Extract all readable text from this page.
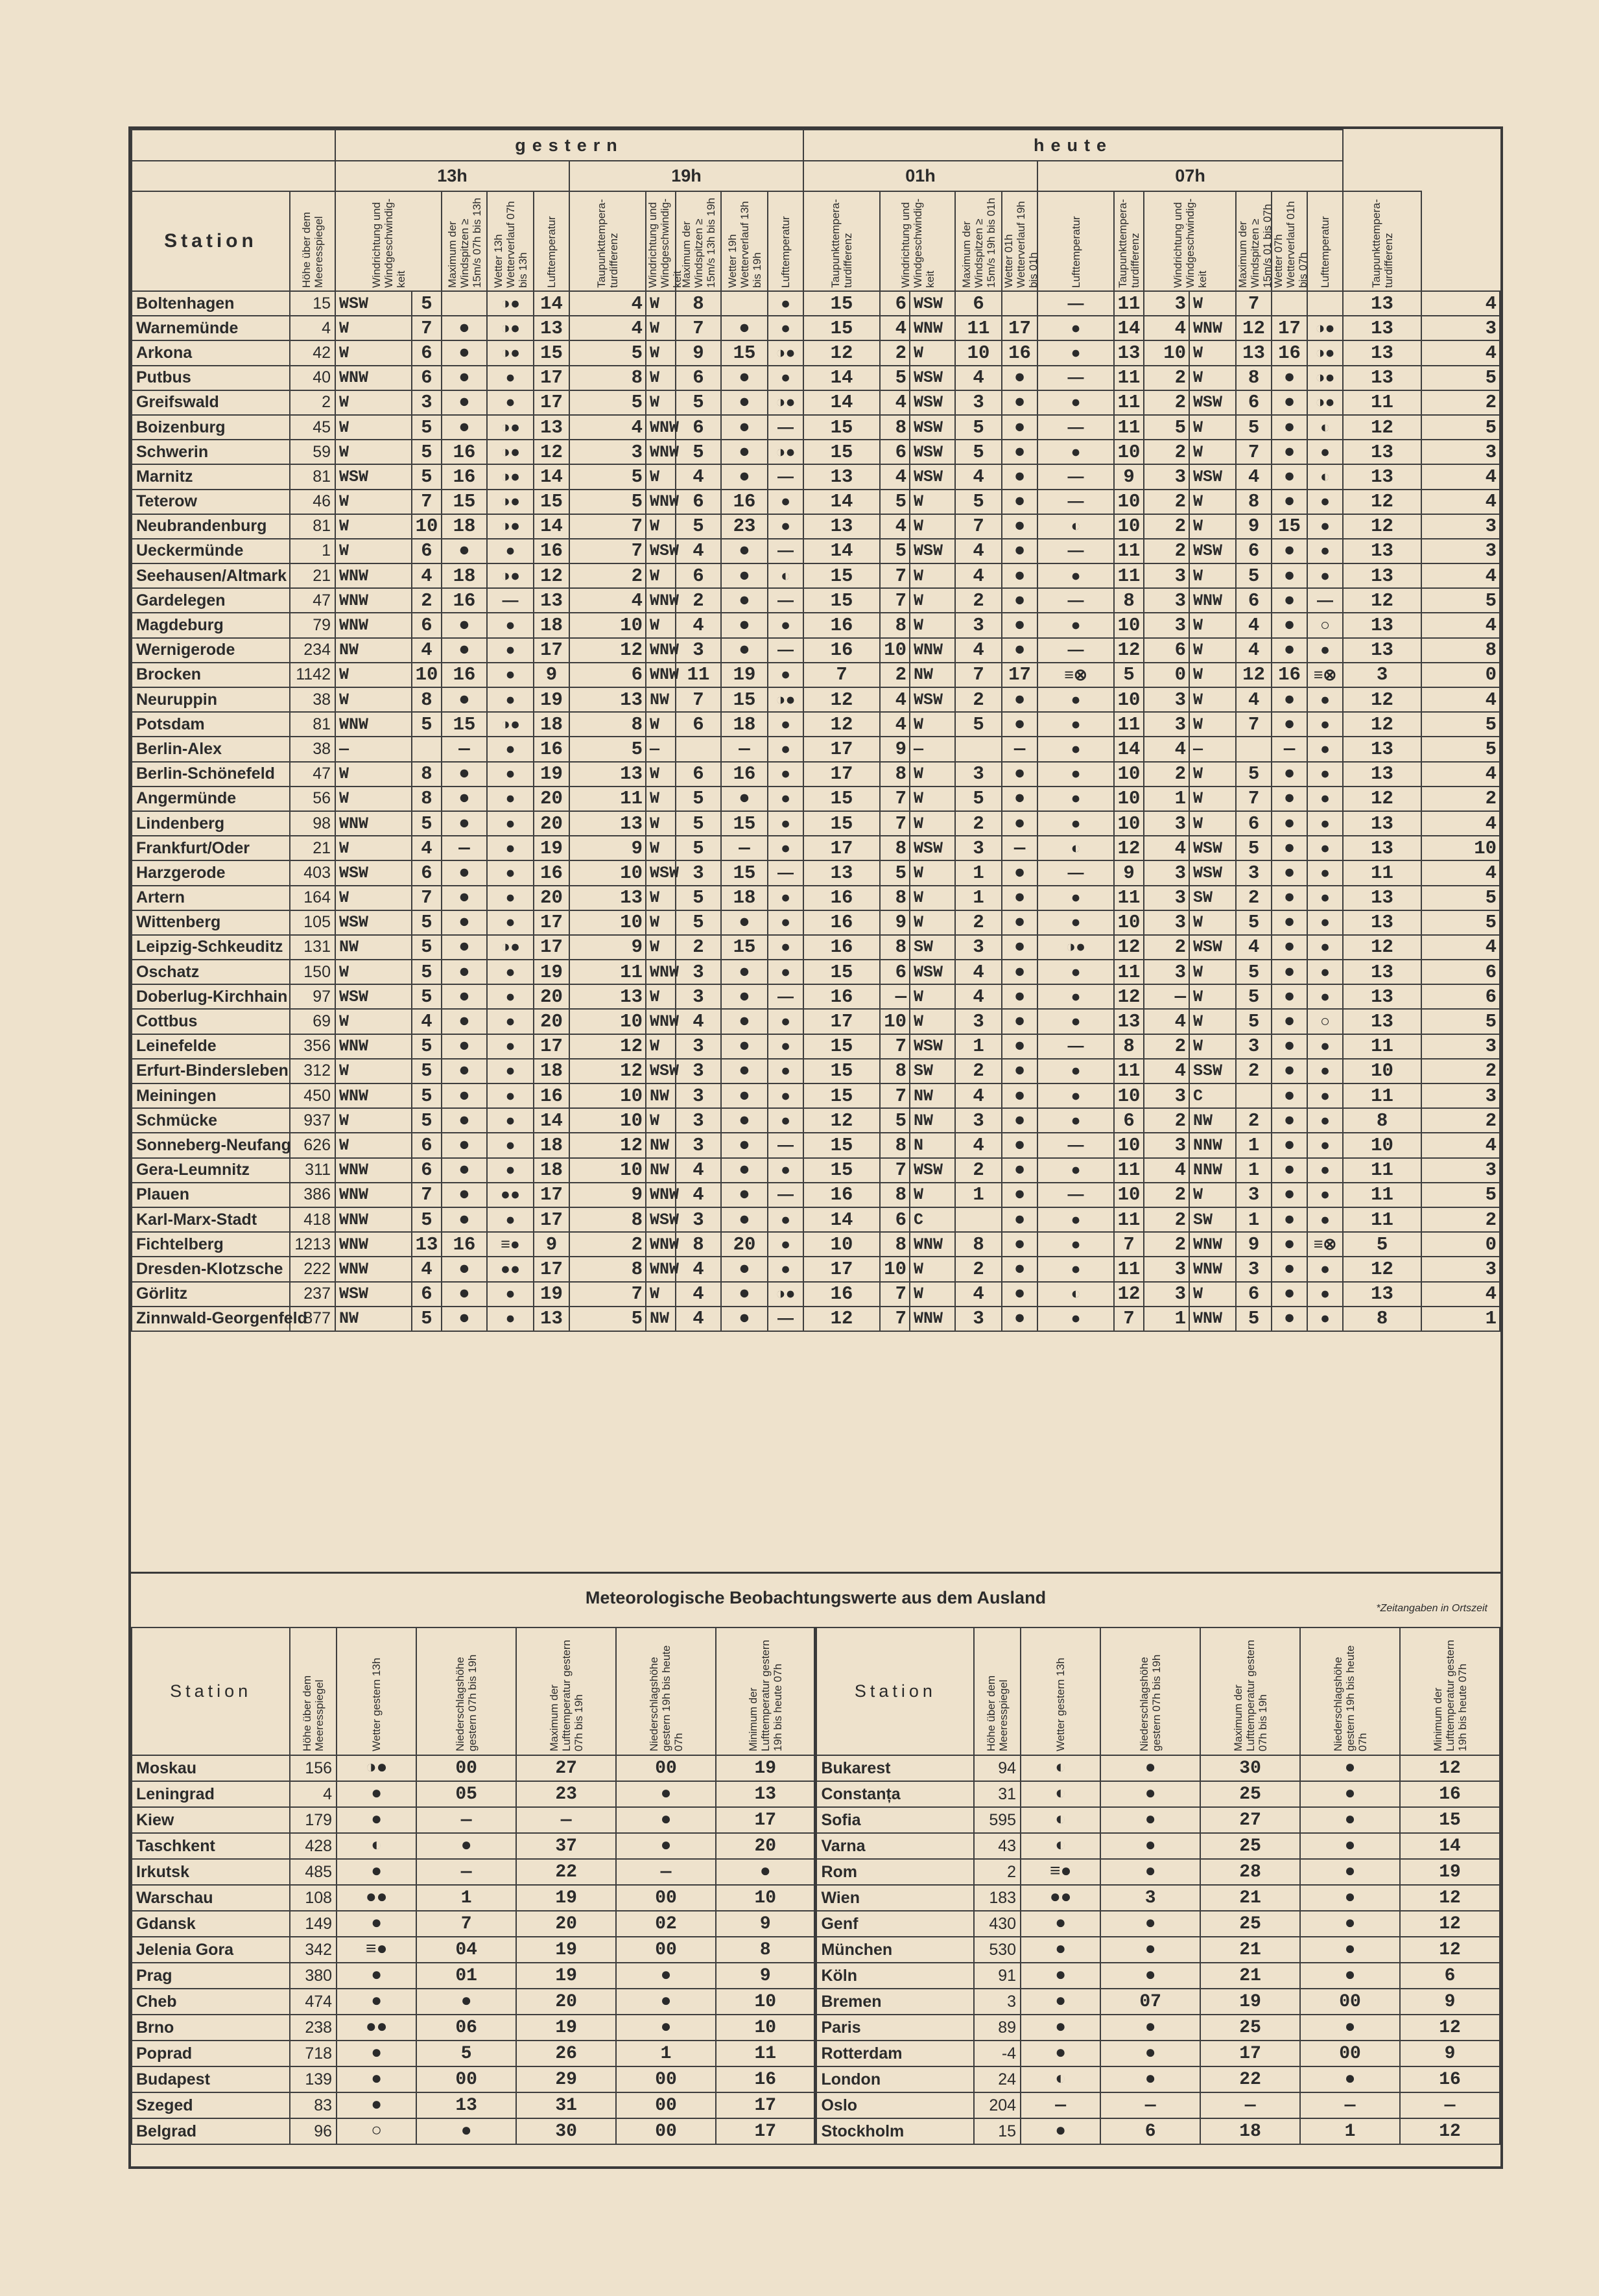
		gestern										heute													
		13h					19h					01h					07h								
Station	Höhe über dem Meeresspiegel	Windrichtung und Windgeschwindig-keit		Maximum der Windspitzen ≥ 15m/s 07h bis 13h	Wetter 13h Wetterverlauf 07h bis 13h	Lufttemperatur	Taupunkttempera-turdifferenz	Windrichtung und Windgeschwindig-keit	Maximum der Windspitzen ≥ 15m/s 13h bis 19h	Wetter 19h Wetterverlauf 13h bis 19h	Lufttemperatur	Taupunkttempera-turdifferenz	Windrichtung und Windgeschwindig-keit		Maximum der Windspitzen ≥ 15m/s 19h bis 01h	Wetter 01h Wetterverlauf 19h bis 01h	Lufttemperatur	Taupunkttempera-turdifferenz	Windrichtung und Windgeschwindig-keit		Maximum der Windspitzen ≥ 15m/s 01 bis 07h	Wetter 07h Wetterverlauf 01h bis 07h	Lufttemperatur	Taupunkttempera-turdifferenz	

Boltenhagen	15	WSW	5		◑●	14	4	W	8		●	15	6	WSW	6		—	11	3	W	7			13	4
Warnemünde	4	W	7	●	◑●	13	4	W	7	●	●	15	4	WNW	11	17	●	14	4	WNW	12	17	◑●	13	3
Arkona	42	W	6	●	◑●	15	5	W	9	15	◑●	12	2	W	10	16	●	13	10	W	13	16	◑●	13	4
Putbus	40	WNW	6	●	●	17	8	W	6	●	●	14	5	WSW	4	●	—	11	2	W	8	●	◑●	13	5
Greifswald	2	W	3	●	●	17	5	W	5	●	◑●	14	4	WSW	3	●	●	11	2	WSW	6	●	◑●	11	2
Boizenburg	45	W	5	●	◑●	13	4	WNW	6	●	—	15	8	WSW	5	●	—	11	5	W	5	●	◐	12	5
Schwerin	59	W	5	16	◑●	12	3	WNW	5	●	◑●	15	6	WSW	5	●	●	10	2	W	7	●	●	13	3
Marnitz	81	WSW	5	16	◑●	14	5	W	4	●	—	13	4	WSW	4	●	—	9	3	WSW	4	●	◐	13	4
Teterow	46	W	7	15	◑●	15	5	WNW	6	16	●	14	5	W	5	●	—	10	2	W	8	●	●	12	4
Neubrandenburg	81	W	10	18	◑●	14	7	W	5	23	●	13	4	W	7	●	◐	10	2	W	9	15	●	12	3
Ueckermünde	1	W	6	●	●	16	7	WSW	4	●	—	14	5	WSW	4	●	—	11	2	WSW	6	●	●	13	3
Seehausen/Altmark	21	WNW	4	18	◑●	12	2	W	6	●	◐	15	7	W	4	●	●	11	3	W	5	●	●	13	4
Gardelegen	47	WNW	2	16	—	13	4	WNW	2	●	—	15	7	W	2	●	—	8	3	WNW	6	●	—	12	5
Magdeburg	79	WNW	6	●	●	18	10	W	4	●	●	16	8	W	3	●	●	10	3	W	4	●	○	13	4
Wernigerode	234	NW	4	●	●	17	12	WNW	3	●	—	16	10	WNW	4	●	—	12	6	W	4	●	●	13	8
Brocken	1142	W	10	16	●	9	6	WNW	11	19	●	7	2	NW	7	17	≡⊗	5	0	W	12	16	≡⊗	3	0
Neuruppin	38	W	8	●	●	19	13	NW	7	15	◑●	12	4	WSW	2	●	●	10	3	W	4	●	●	12	4
Potsdam	81	WNW	5	15	◑●	18	8	W	6	18	●	12	4	W	5	●	●	11	3	W	7	●	●	12	5
Berlin-Alex	38	—		—	●	16	5	—		—	●	17	9	—		—	●	14	4	—		—	●	13	5
Berlin-Schönefeld	47	W	8	●	●	19	13	W	6	16	●	17	8	W	3	●	●	10	2	W	5	●	●	13	4
Angermünde	56	W	8	●	●	20	11	W	5	●	●	15	7	W	5	●	●	10	1	W	7	●	●	12	2
Lindenberg	98	WNW	5	●	●	20	13	W	5	15	●	15	7	W	2	●	●	10	3	W	6	●	●	13	4
Frankfurt/Oder	21	W	4	—	●	19	9	W	5	—	●	17	8	WSW	3	—	◐	12	4	WSW	5	●	●	13	10
Harzgerode	403	WSW	6	●	●	16	10	WSW	3	15	—	13	5	W	1	●	—	9	3	WSW	3	●	●	11	4
Artern	164	W	7	●	●	20	13	W	5	18	●	16	8	W	1	●	●	11	3	SW	2	●	●	13	5
Wittenberg	105	WSW	5	●	●	17	10	W	5	●	●	16	9	W	2	●	●	10	3	W	5	●	●	13	5
Leipzig-Schkeuditz	131	NW	5	●	◑●	17	9	W	2	15	●	16	8	SW	3	●	◑●	12	2	WSW	4	●	●	12	4
Oschatz	150	W	5	●	●	19	11	WNW	3	●	●	15	6	WSW	4	●	●	11	3	W	5	●	●	13	6
Doberlug-Kirchhain	97	WSW	5	●	●	20	13	W	3	●	—	16	—	W	4	●	●	12	—	W	5	●	●	13	6
Cottbus	69	W	4	●	●	20	10	WNW	4	●	●	17	10	W	3	●	●	13	4	W	5	●	○	13	5
Leinefelde	356	WNW	5	●	●	17	12	W	3	●	●	15	7	WSW	1	●	—	8	2	W	3	●	●	11	3
Erfurt-Bindersleben	312	W	5	●	●	18	12	WSW	3	●	●	15	8	SW	2	●	●	11	4	SSW	2	●	●	10	2
Meiningen	450	WNW	5	●	●	16	10	NW	3	●	●	15	7	NW	4	●	●	10	3	C		●	●	11	3
Schmücke	937	W	5	●	●	14	10	W	3	●	●	12	5	NW	3	●	●	6	2	NW	2	●	●	8	2
Sonneberg-Neufang	626	W	6	●	●	18	12	NW	3	●	—	15	8	N	4	●	—	10	3	NNW	1	●	●	10	4
Gera-Leumnitz	311	WNW	6	●	●	18	10	NW	4	●	●	15	7	WSW	2	●	●	11	4	NNW	1	●	●	11	3
Plauen	386	WNW	7	●	●●	17	9	WNW	4	●	—	16	8	W	1	●	—	10	2	W	3	●	●	11	5
Karl-Marx-Stadt	418	WNW	5	●	●	17	8	WSW	3	●	●	14	6	C		●	●	11	2	SW	1	●	●	11	2
Fichtelberg	1213	WNW	13	16	≡●	9	2	WNW	8	20	●	10	8	WNW	8	●	●	7	2	WNW	9	●	≡⊗	5	0
Dresden-Klotzsche	222	WNW	4	●	●●	17	8	WNW	4	●	●	17	10	W	2	●	●	11	3	WNW	3	●	●	12	3
Görlitz	237	WSW	6	●	●	19	7	W	4	●	◑●	16	7	W	4	●	◐	12	3	W	6	●	●	13	4
Zinnwald-Georgenfeld	877	NW	5	●	●	13	5	NW	4	●	—	12	7	WNW	3	●	●	7	1	WNW	5	●	●	8	1
Meteorologische Beobachtungswerte aus dem Ausland
*Zeitangaben in Ortszeit
Station	Höhe über dem Meeresspiegel	Wetter gestern 13h	Niederschlagshöhe gestern 07h bis 19h	Maximum der Lufttemperatur gestern 07h bis 19h	Niederschlagshöhe gestern 19h bis heute 07h	Minimum der Lufttemperatur gestern 19h bis heute 07h	Station	Höhe über dem Meeresspiegel	Wetter gestern 13h	Niederschlagshöhe gestern 07h bis 19h	Maximum der Lufttemperatur gestern 07h bis 19h	Niederschlagshöhe gestern 19h bis heute 07h	Minimum der Lufttemperatur gestern 19h bis heute 07h

Moskau	156	◑●	00	27	00	19	Bukarest	94	◐	●	30	●	12
Leningrad	4	●	05	23	●	13	Constanța	31	◐	●	25	●	16
Kiew	179	●	—	—	●	17	Sofia	595	◐	●	27	●	15
Taschkent	428	◐	●	37	●	20	Varna	43	◐	●	25	●	14
Irkutsk	485	●	—	22	—	●	Rom	2	≡●	●	28	●	19
Warschau	108	●●	1	19	00	10	Wien	183	●●	3	21	●	12
Gdansk	149	●	7	20	02	9	Genf	430	●	●	25	●	12
Jelenia Gora	342	≡●	04	19	00	8	München	530	●	●	21	●	12
Prag	380	●	01	19	●	9	Köln	91	●	●	21	●	6
Cheb	474	●	●	20	●	10	Bremen	3	●	07	19	00	9
Brno	238	●●	06	19	●	10	Paris	89	●	●	25	●	12
Poprad	718	●	5	26	1	11	Rotterdam	-4	●	●	17	00	9
Budapest	139	●	00	29	00	16	London	24	◐	●	22	●	16
Szeged	83	●	13	31	00	17	Oslo	204	—	—	—	—	—
Belgrad	96	○	●	30	00	17	Stockholm	15	●	6	18	1	12
